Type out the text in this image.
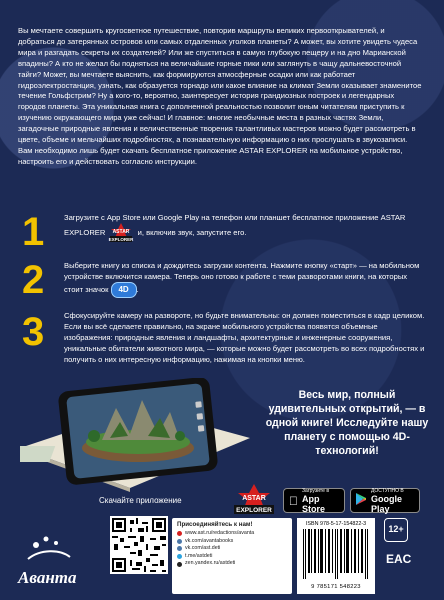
Вы мечтаете совершить кругосветное путешествие, повторив маршруты великих первооткрывателей, и добраться до затерянных островов или самых отдаленных уголков планеты? А может, вы хотите увидеть чудеса мира и разгадать секреты их создателей? Или же спуститься в самую глубокую пещеру и на дно Марианской впадины? А кто не желал бы подняться на величайшие горные пики или заглянуть в чащу дальневосточной тайги? Может, вы мечтаете выяснить, как формируются атмосферные осадки или как работает гидроэлектростанция, узнать, как образуется торнадо или какое влияние на климат Земли оказывает знаменитое течение Гольфстрим? Ну а кого-то, вероятно, заинтересует история грандиозных построек и легендарных городов планеты. Эта уникальная книга с дополненной реальностью позволит юным читателям приступить к изучению окружающего мира уже сейчас! И главное: многие необычные места в разных частях Земли, загадочные природные явления и величественные творения талантливых мастеров можно будет рассмотреть в цвете, объеме и мельчайших подробностях, а познавательную информацию о них прослушать в звукозаписи. Вам необходимо лишь будет скачать бесплатное приложение ASTAR EXPLORER на мобильное устройство, настроить его и действовать согласно инструкции.
1	Загрузите с App Store или Google Play на телефон или планшет бесплатное приложение ASTAR EXPLORER ASTAR
EXPLORER
и, включив звук, запустите его.
2	Выберите книгу из списка и дождитесь загрузки контента. Нажмите кнопку «старт» — на мобильном устройстве включится камера. Теперь оно готово к работе с теми разворотами книги, на которых стоит значок 4D .
3	Сфокусируйте камеру на развороте, но будьте внимательны: он должен поместиться в кадр целиком. Если вы всё сделаете правильно, на экране мобильного устройства появятся объемные изображения: природные явления и ландшафты, архитектурные и инженерные сооружения, уникальные обитатели животного мира, — которые можно будет рассмотреть во всех подробностях и получить о них интересную информацию, нажимая на кнопки меню.
Весь мир, полный удивительных открытий, — в одной книге! Исследуйте нашу планету с помощью 4D-технологий!
Скачайте приложение	ASTAR
EXPLORER
Загрузите в
App Store
ДОСТУПНО В
Google Play
Аванта
Присоединяйтесь к нам!
www.ast.ru/redactions/avanta
vk.com/avantabooks
vk.com/ast.deti
t.me/astdeti
zen.yandex.ru/astdeti
ISBN 978-5-17-154822-3
9 785171 548223
12+
EAC
